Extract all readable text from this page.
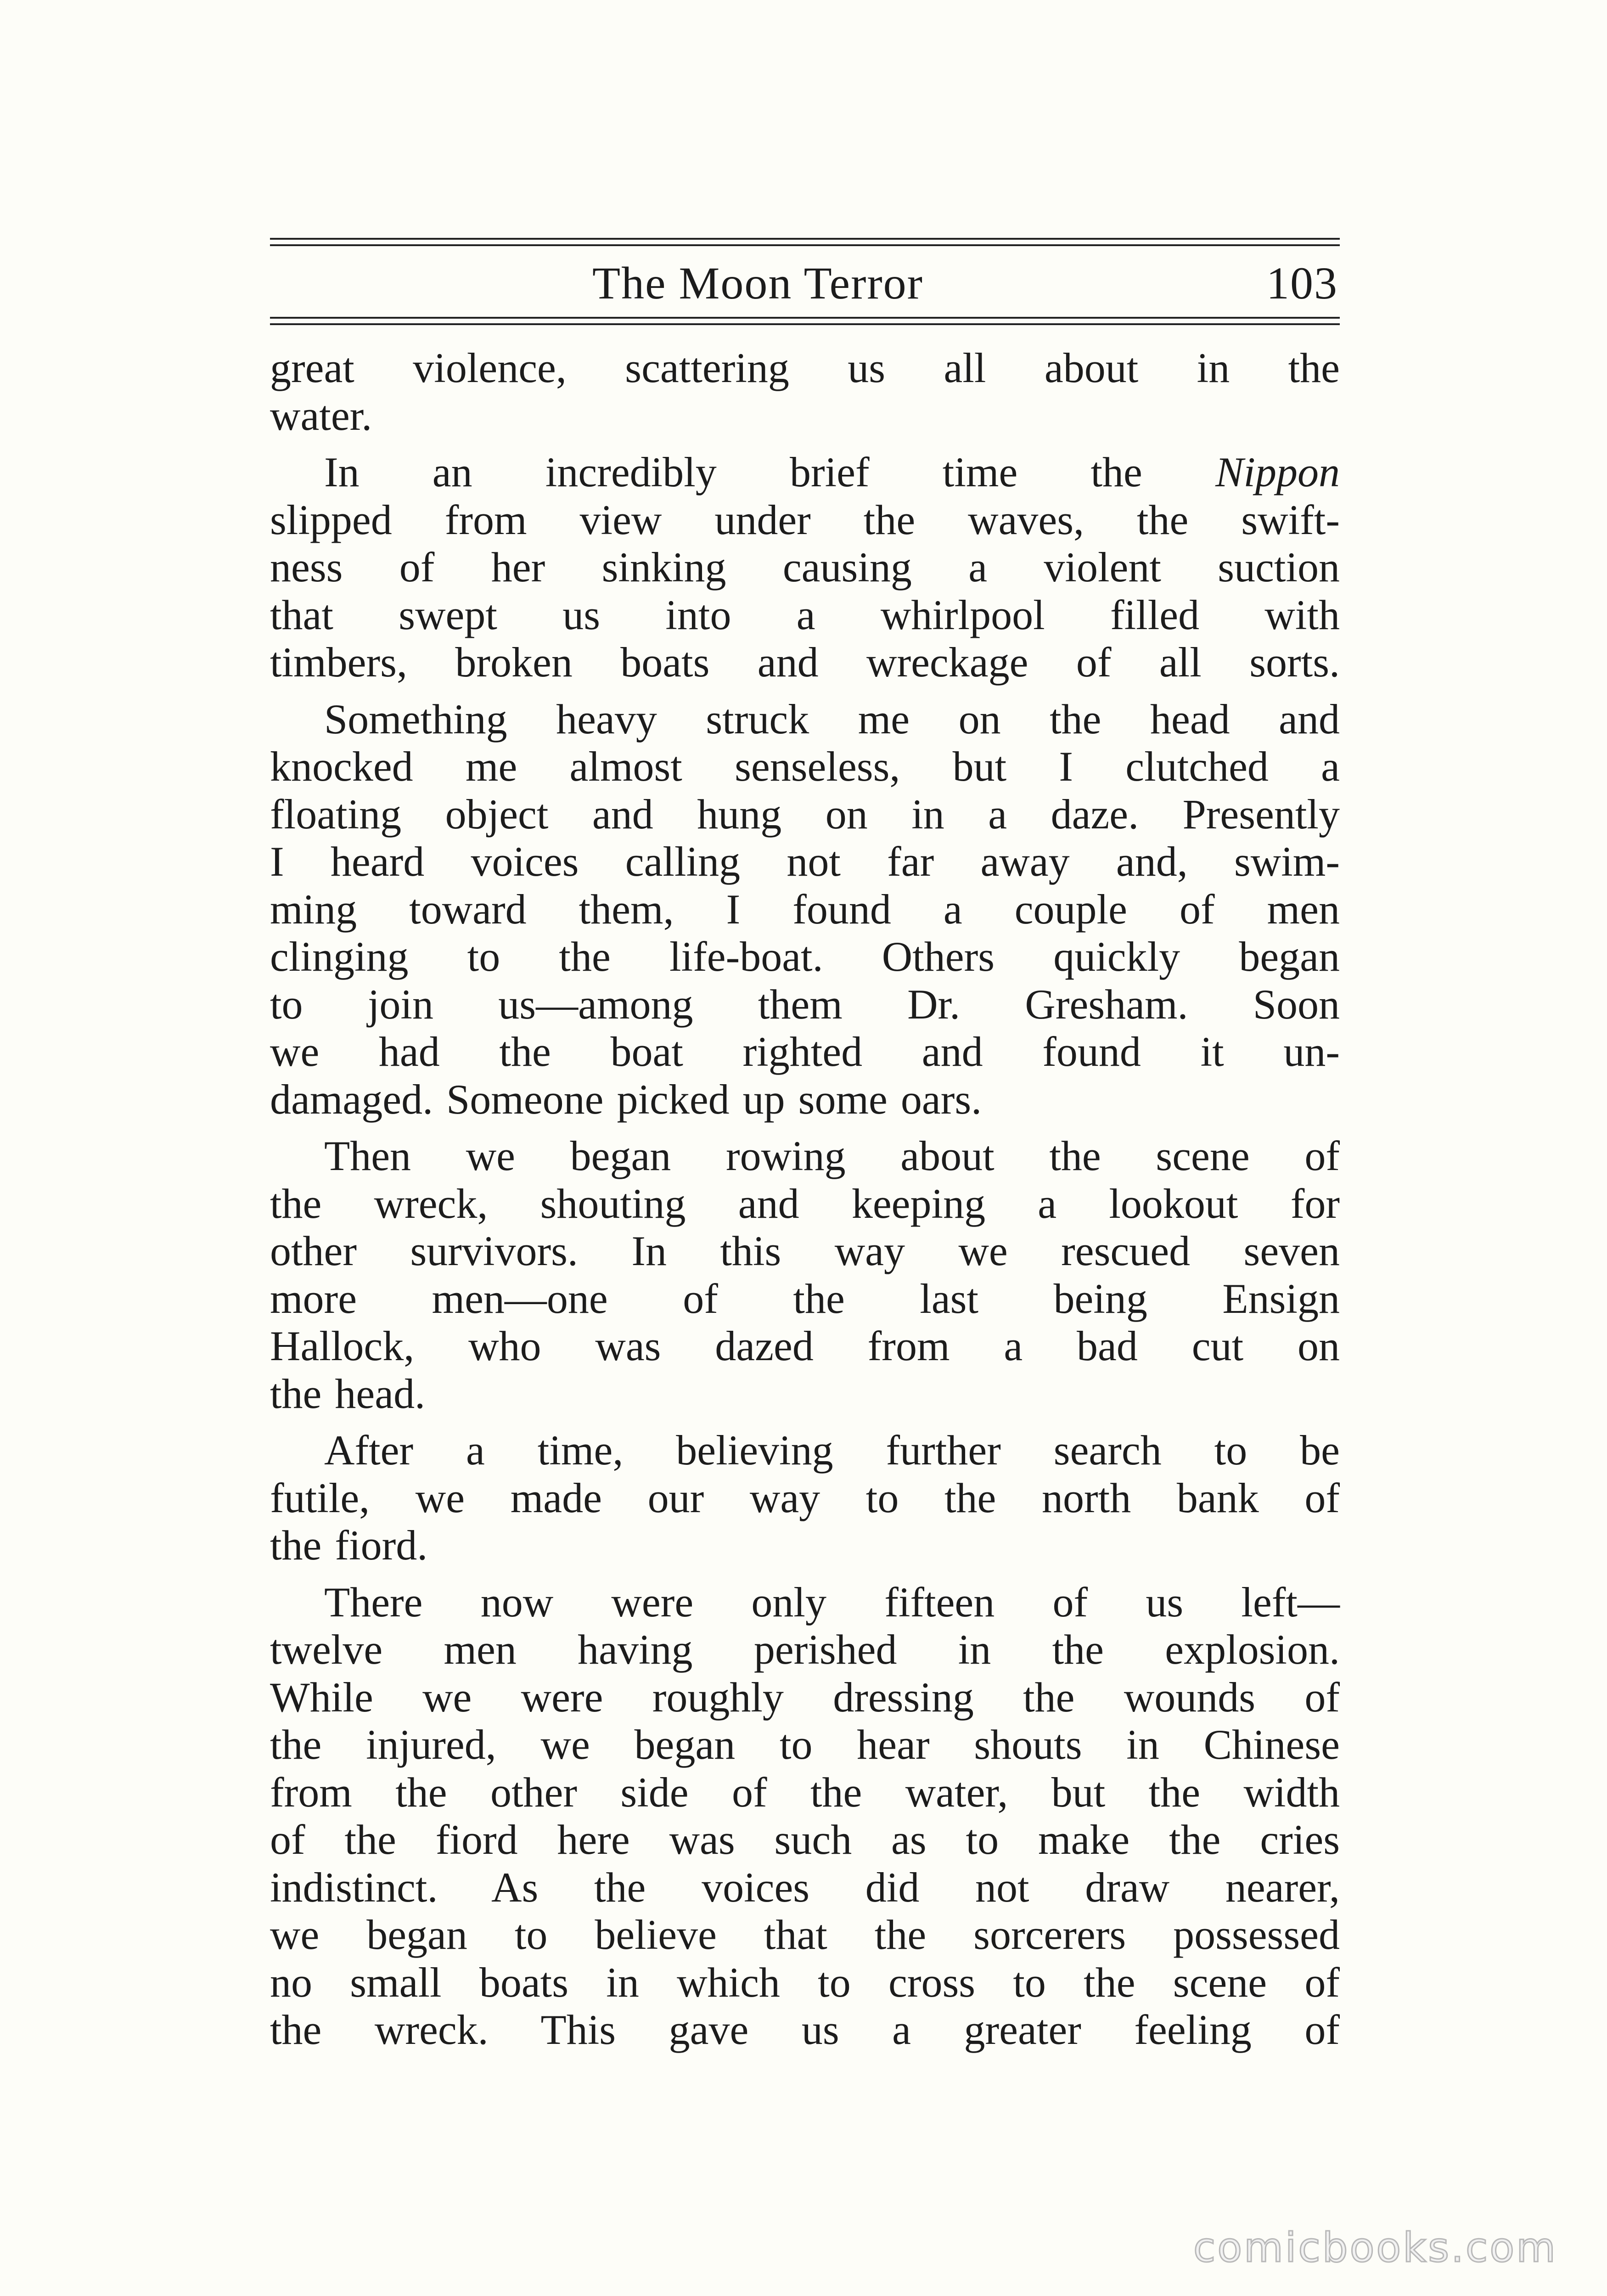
The Moon Terror	103

great violence, scattering us all about in the
water.

In an incredibly brief time the Nippon
slipped from view under the waves, the swift-
ness of her sinking causing a violent suction
that swept us into a whirlpool filled with
timbers, broken boats and wreckage of all sorts.

Something heavy struck me on the head and
knocked me almost senseless, but I clutched a
floating object and hung on in a daze. Presently
I heard voices calling not far away and, swim-
ming toward them, I found a couple of men
clinging to the life-boat. Others quickly began
to join us—among them Dr. Gresham. Soon
we had the boat righted and found it un-
damaged. Someone picked up some oars.

Then we began rowing about the scene of
the wreck, shouting and keeping a lookout for
other survivors. In this way we rescued seven
more men—one of the last being Ensign
Hallock, who was dazed from a bad cut on
the head.

After a time, believing further search to be
futile, we made our way to the north bank of
the fiord.

There now were only fifteen of us left—
twelve men having perished in the explosion.
While we were roughly dressing the wounds of
the injured, we began to hear shouts in Chinese
from the other side of the water, but the width
of the fiord here was such as to make the cries
indistinct. As the voices did not draw nearer,
we began to believe that the sorcerers possessed
no small boats in which to cross to the scene of
the wreck. This gave us a greater feeling of

comicbooks.com
